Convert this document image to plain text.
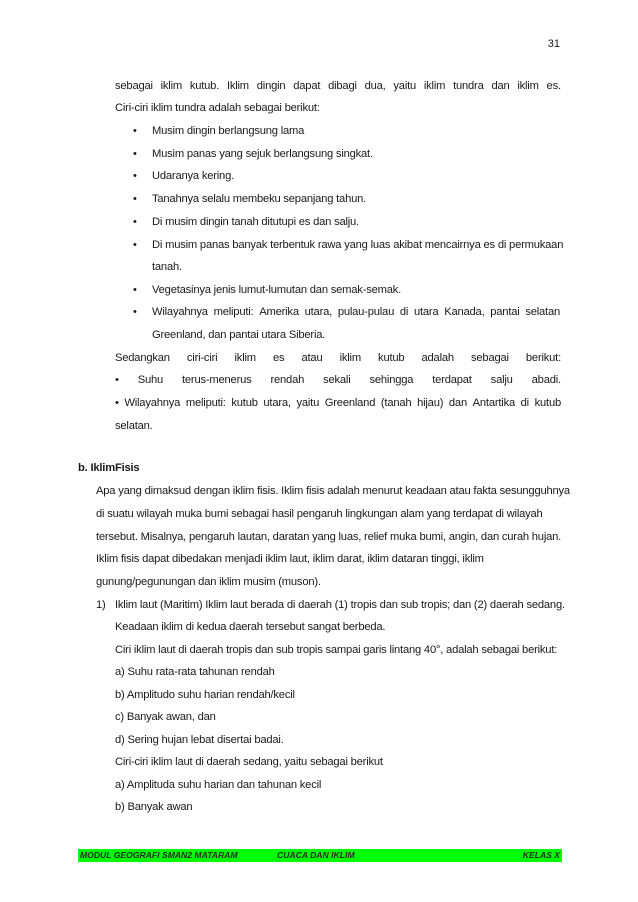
31
sebagai iklim kutub. Iklim dingin dapat dibagi dua, yaitu iklim tundra dan iklim es.
Ciri-ciri iklim tundra adalah sebagai berikut:
• Musim dingin berlangsung lama
• Musim panas yang sejuk berlangsung singkat.
• Udaranya kering.
• Tanahnya selalu membeku sepanjang tahun.
• Di musim dingin tanah ditutupi es dan salju.
• Di musim panas banyak terbentuk rawa yang luas akibat mencairnya es di permukaan
tanah.
• Vegetasinya jenis lumut-lumutan dan semak-semak.
• Wilayahnya meliputi: Amerika utara, pulau-pulau di utara Kanada, pantai selatan
Greenland, dan pantai utara Siberia.
Sedangkan ciri-ciri iklim es atau iklim kutub adalah sebagai berikut:
• Suhu terus-menerus rendah sekali sehingga terdapat salju abadi.
• Wilayahnya meliputi: kutub utara, yaitu Greenland (tanah hijau) dan Antartika di kutub
selatan.
b. IklimFisis
Apa yang dimaksud dengan iklim fisis. Iklim fisis adalah menurut keadaan atau fakta sesungguhnya
di suatu wilayah muka bumi sebagai hasil pengaruh lingkungan alam yang terdapat di wilayah
tersebut. Misalnya, pengaruh lautan, daratan yang luas, relief muka bumi, angin, dan curah hujan.
Iklim fisis dapat dibedakan menjadi iklim laut, iklim darat, iklim dataran tinggi, iklim
gunung/pegunungan dan iklim musim (muson).
1) Iklim laut (Maritim) Iklim laut berada di daerah (1) tropis dan sub tropis; dan (2) daerah sedang.
Keadaan iklim di kedua daerah tersebut sangat berbeda.
Ciri iklim laut di daerah tropis dan sub tropis sampai garis lintang 40°, adalah sebagai berikut:
a) Suhu rata-rata tahunan rendah
b) Amplitudo suhu harian rendah/kecil
c) Banyak awan, dan
d) Sering hujan lebat disertai badai.
Ciri-ciri iklim laut di daerah sedang, yaitu sebagai berikut
a) Amplituda suhu harian dan tahunan kecil
b) Banyak awan
MODUL GEOGRAFI SMAN2 MATARAM	CUACA DAN IKLIM	KELAS X
